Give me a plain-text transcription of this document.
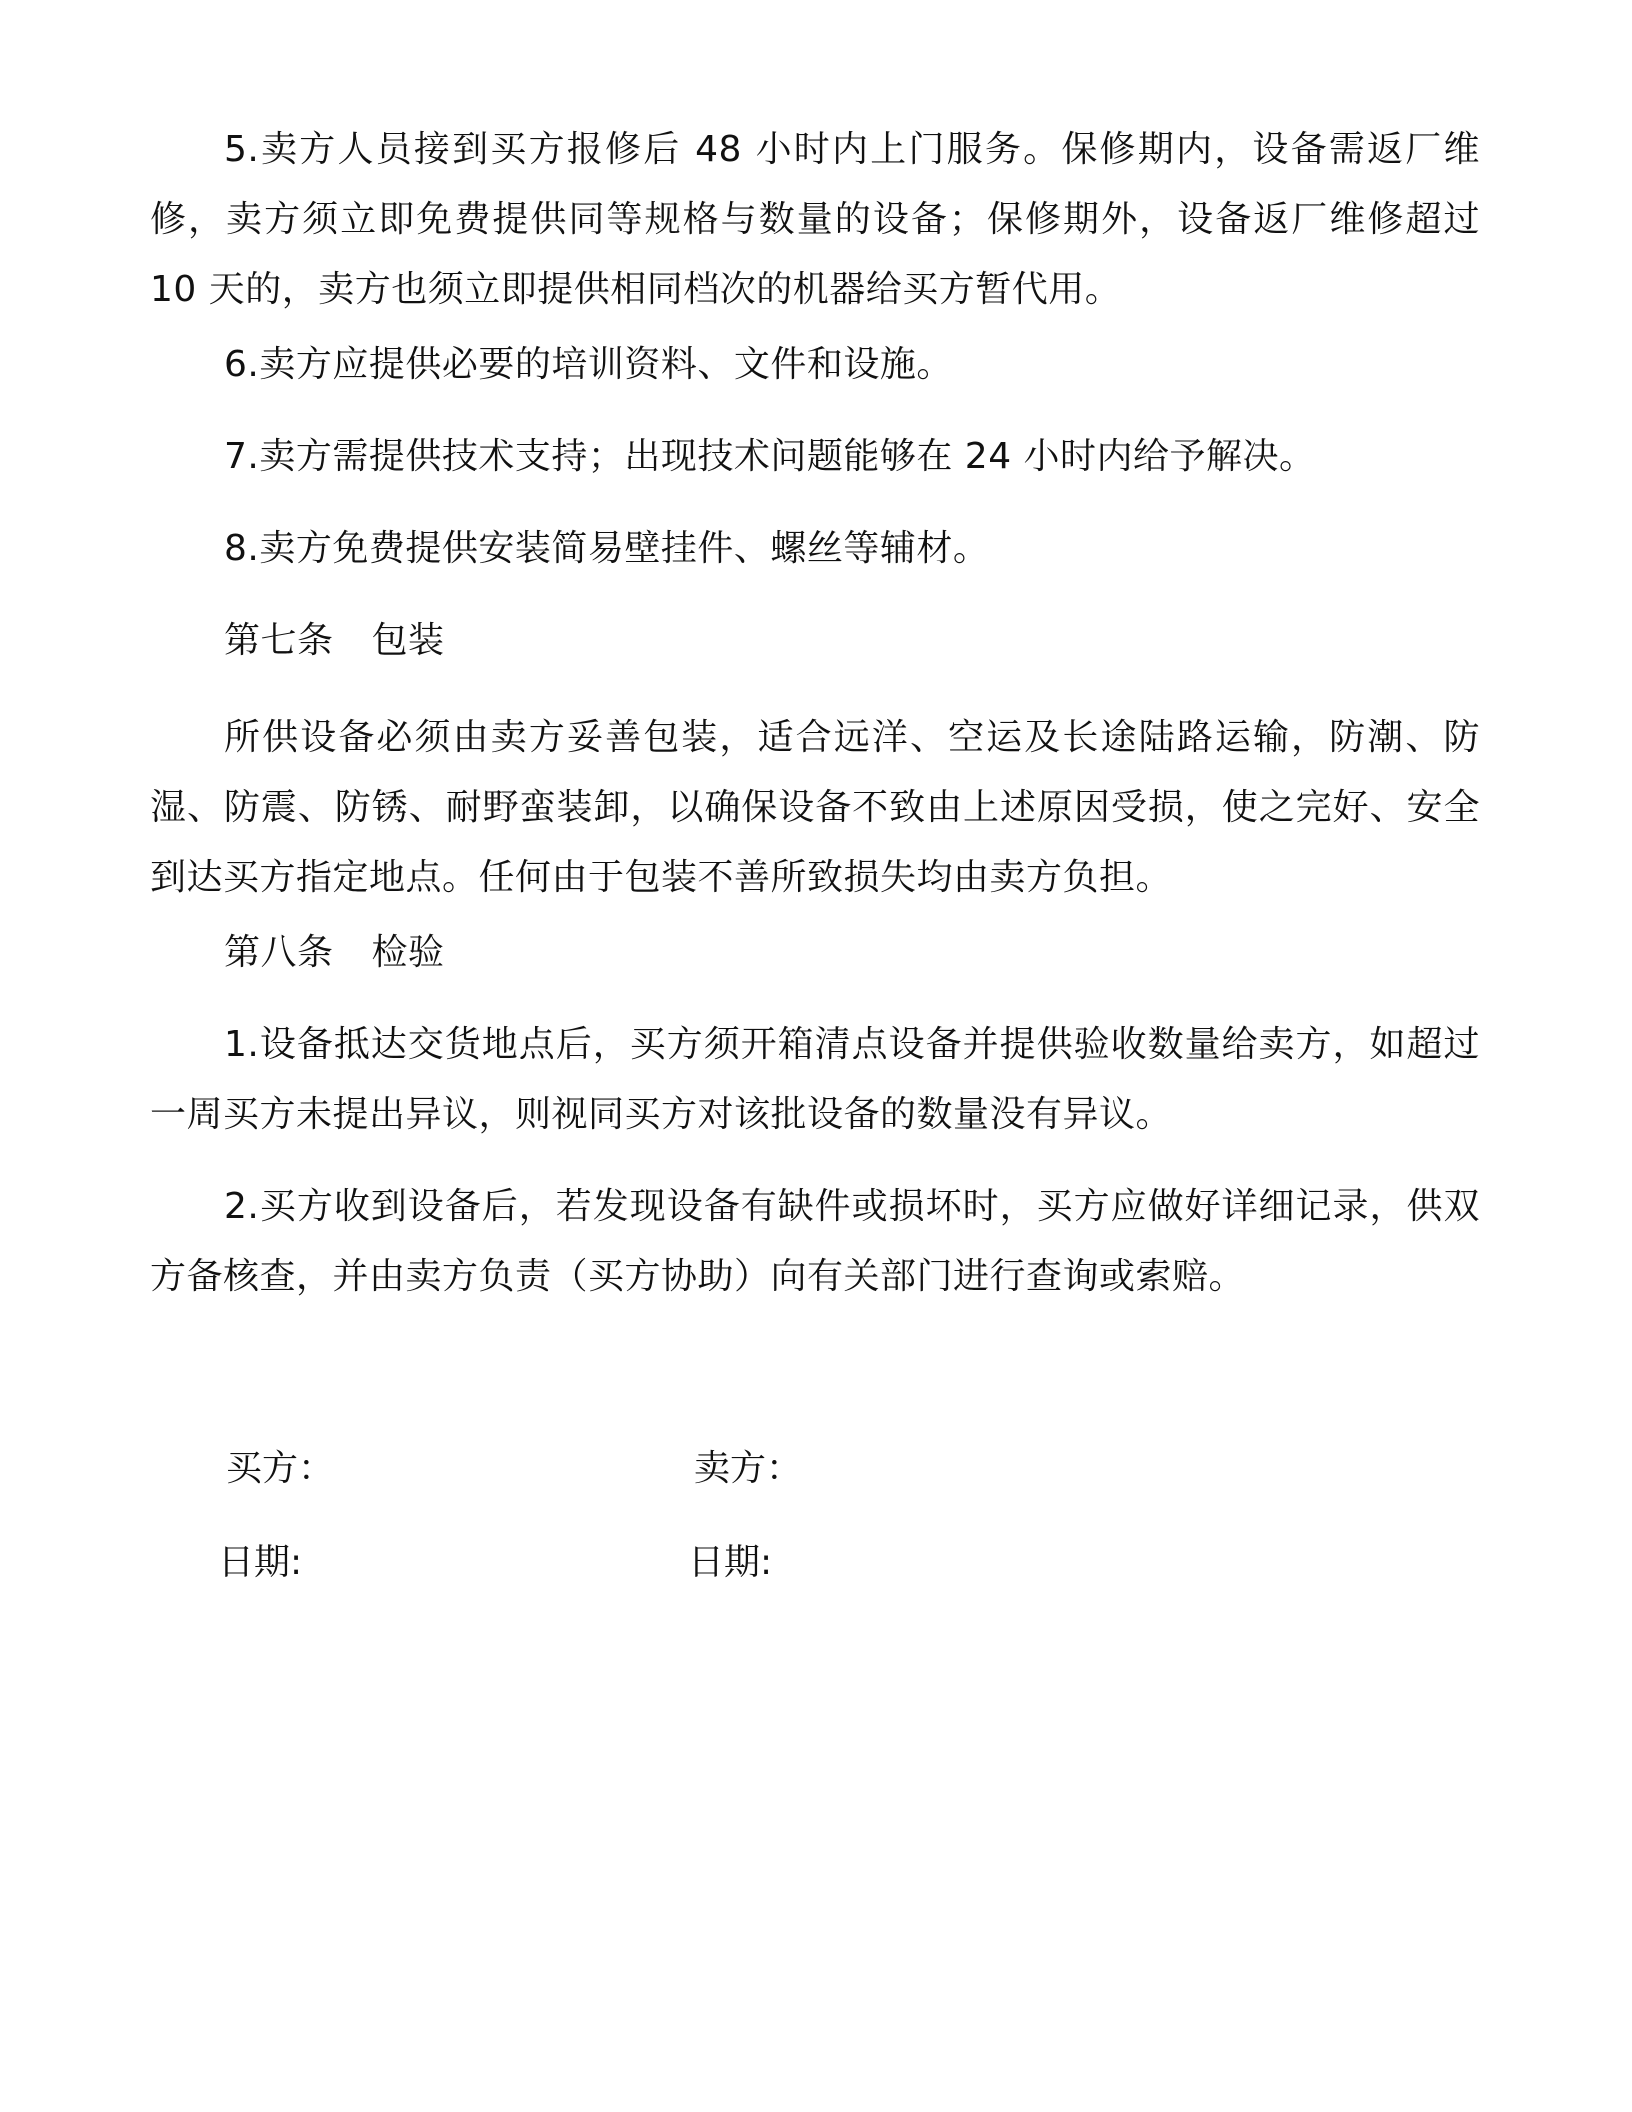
5.卖方人员接到买方报修后 48 小时内上门服务。保修期内，设备需返厂维修，卖方须立即免费提供同等规格与数量的设备；保修期外，设备返厂维修超过 10 天的，卖方也须立即提供相同档次的机器给买方暂代用。

6.卖方应提供必要的培训资料、文件和设施。

7.卖方需提供技术支持；出现技术问题能够在 24 小时内给予解决。

8.卖方免费提供安装简易壁挂件、螺丝等辅材。

第七条 包装

所供设备必须由卖方妥善包装，适合远洋、空运及长途陆路运输，防潮、防湿、防震、防锈、耐野蛮装卸，以确保设备不致由上述原因受损，使之完好、安全到达买方指定地点。任何由于包装不善所致损失均由卖方负担。

第八条 检验

1.设备抵达交货地点后，买方须开箱清点设备并提供验收数量给卖方，如超过一周买方未提出异议，则视同买方对该批设备的数量没有异议。

2.买方收到设备后，若发现设备有缺件或损坏时，买方应做好详细记录，供双方备核查，并由卖方负责（买方协助）向有关部门进行查询或索赔。

买方：	卖方：

日期:	日期:
